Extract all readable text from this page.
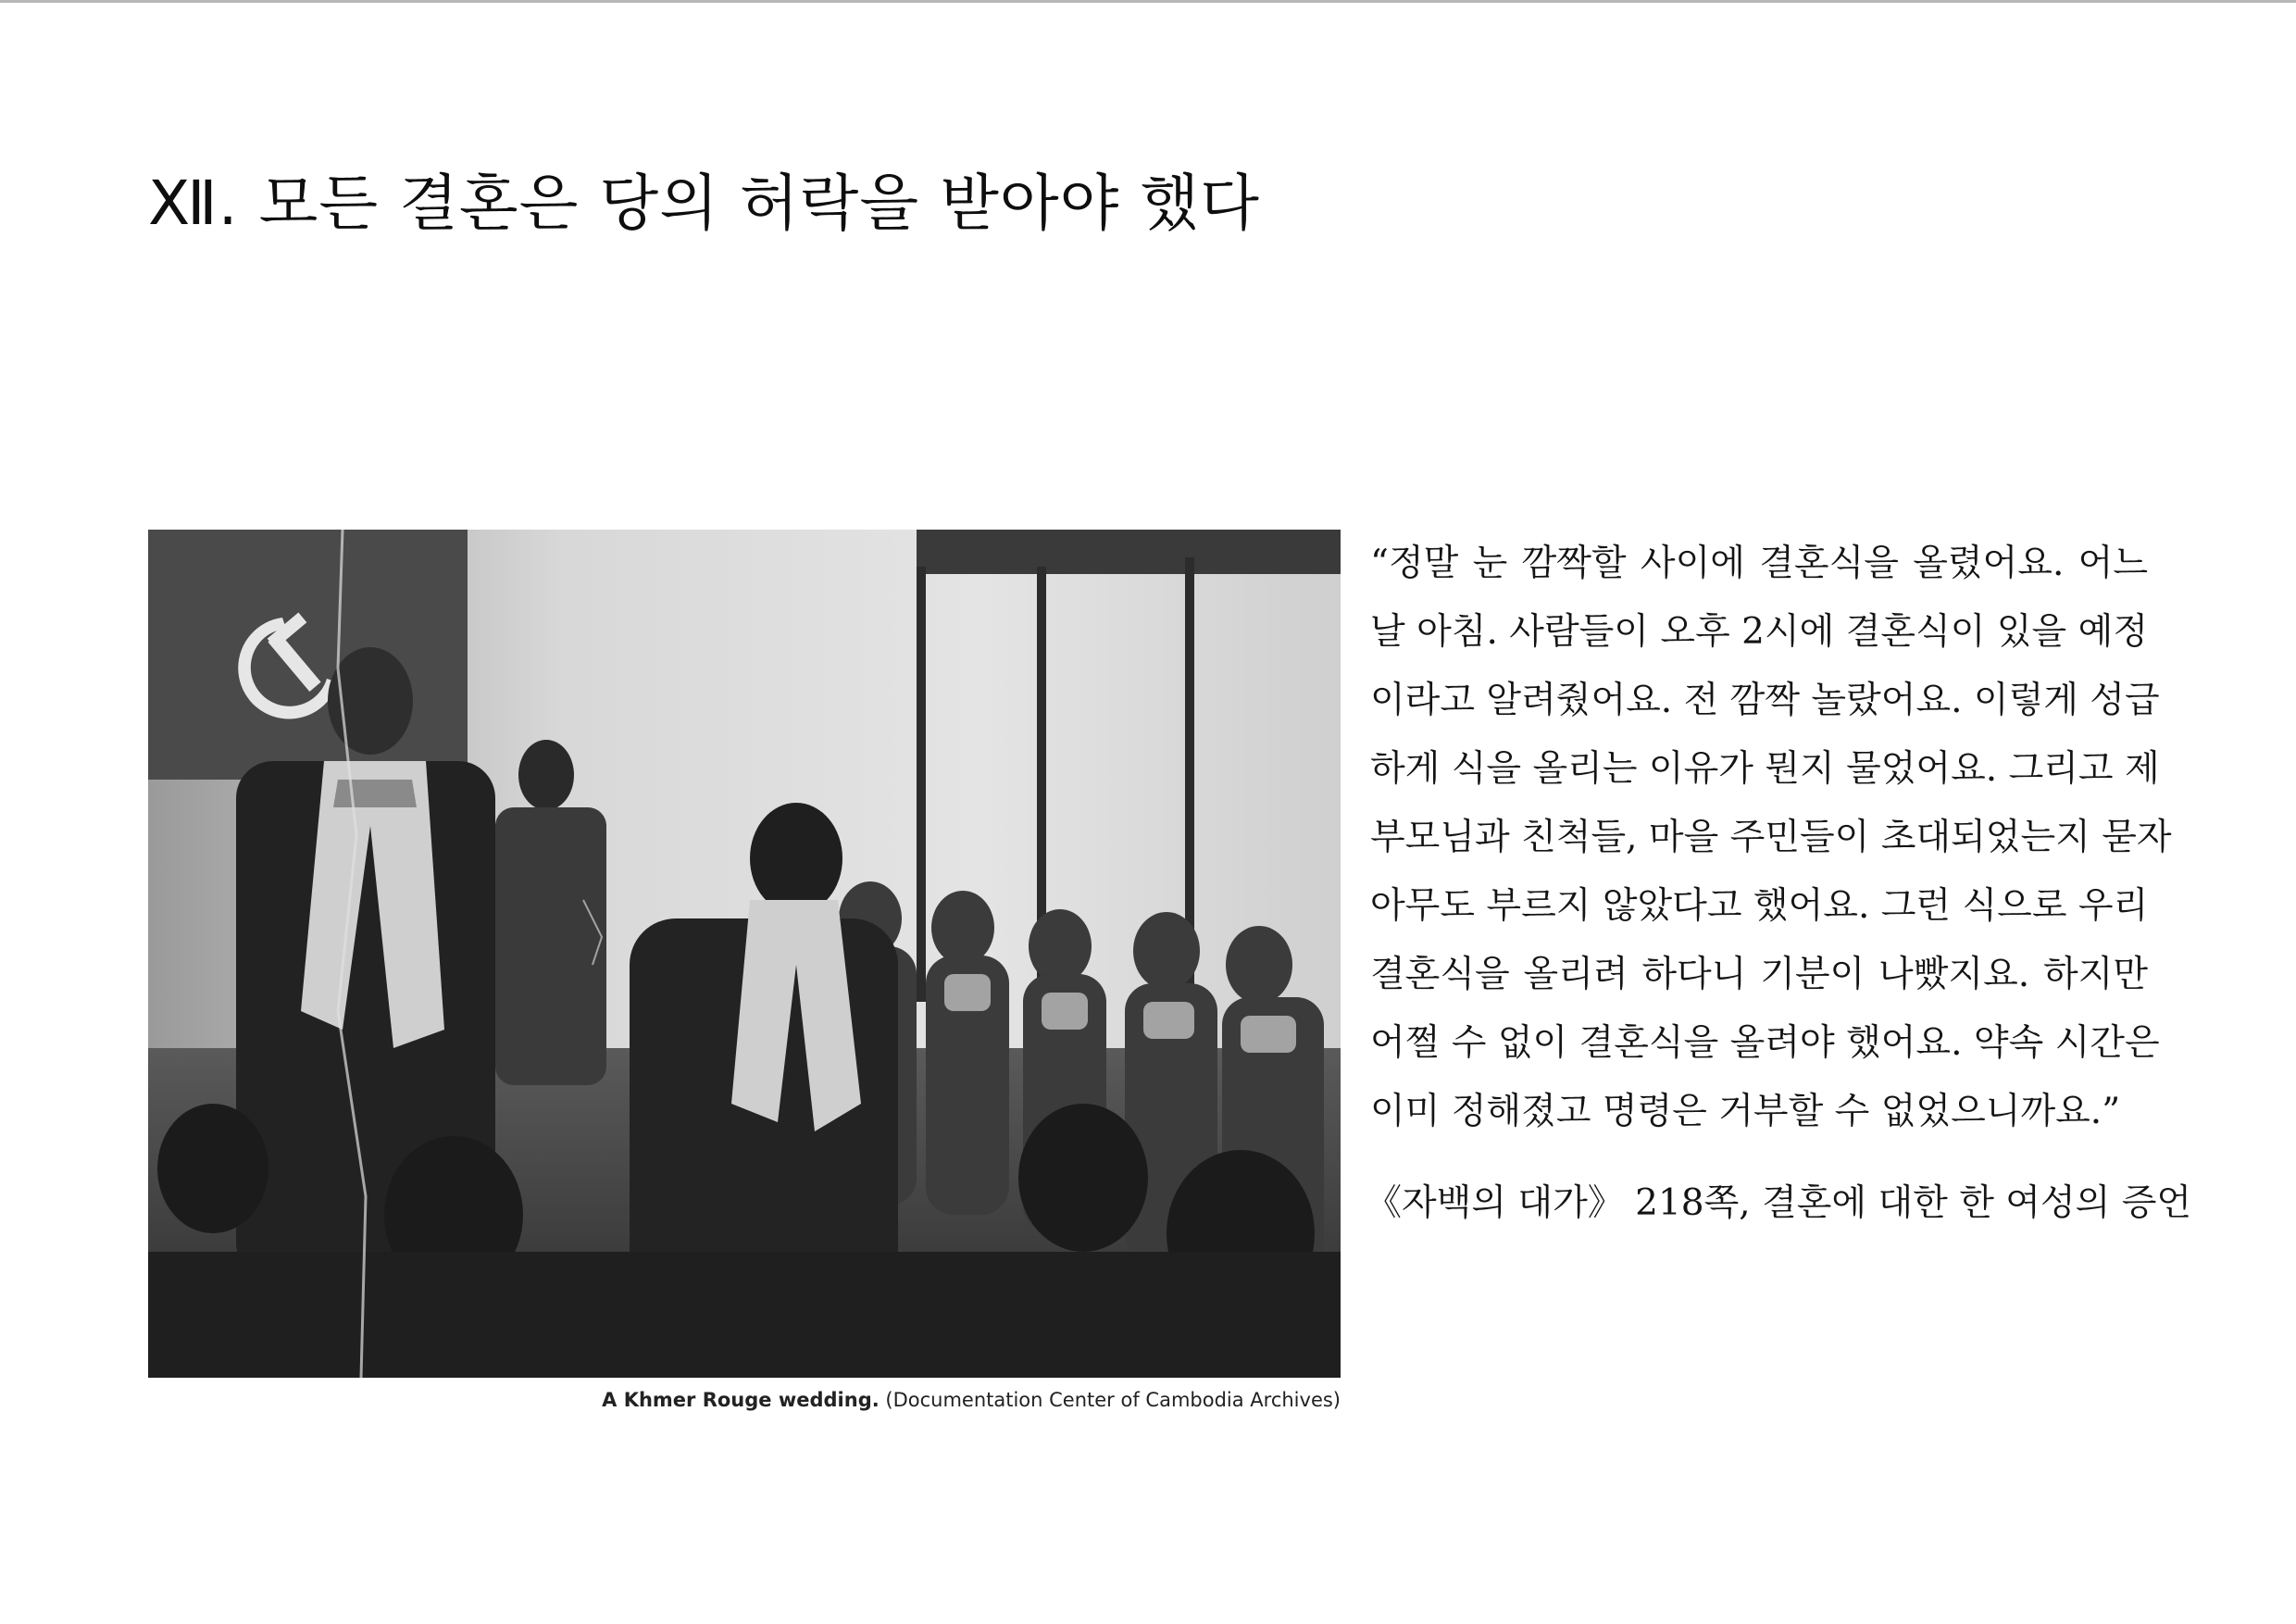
Ⅻ. 모든 결혼은 당의 허락을 받아야 했다
A Khmer Rouge wedding. (Documentation Center of Cambodia Archives)
“정말 눈 깜짝할 사이에 결혼식을 올렸어요. 어느
날 아침. 사람들이 오후 2시에 결혼식이 있을 예정
이라고 알려줬어요. 전 깜짝 놀랐어요. 이렇게 성급
하게 식을 올리는 이유가 뭔지 물었어요. 그리고 제
부모님과 친척들, 마을 주민들이 초대되었는지 묻자
아무도 부르지 않았다고 했어요. 그런 식으로 우리
결혼식을 올리려 하다니 기분이 나빴지요. 하지만
어쩔 수 없이 결혼식을 올려야 했어요. 약속 시간은
이미 정해졌고 명령은 거부할 수 없었으니까요.”
《자백의 대가》 218쪽, 결혼에 대한 한 여성의 증언
